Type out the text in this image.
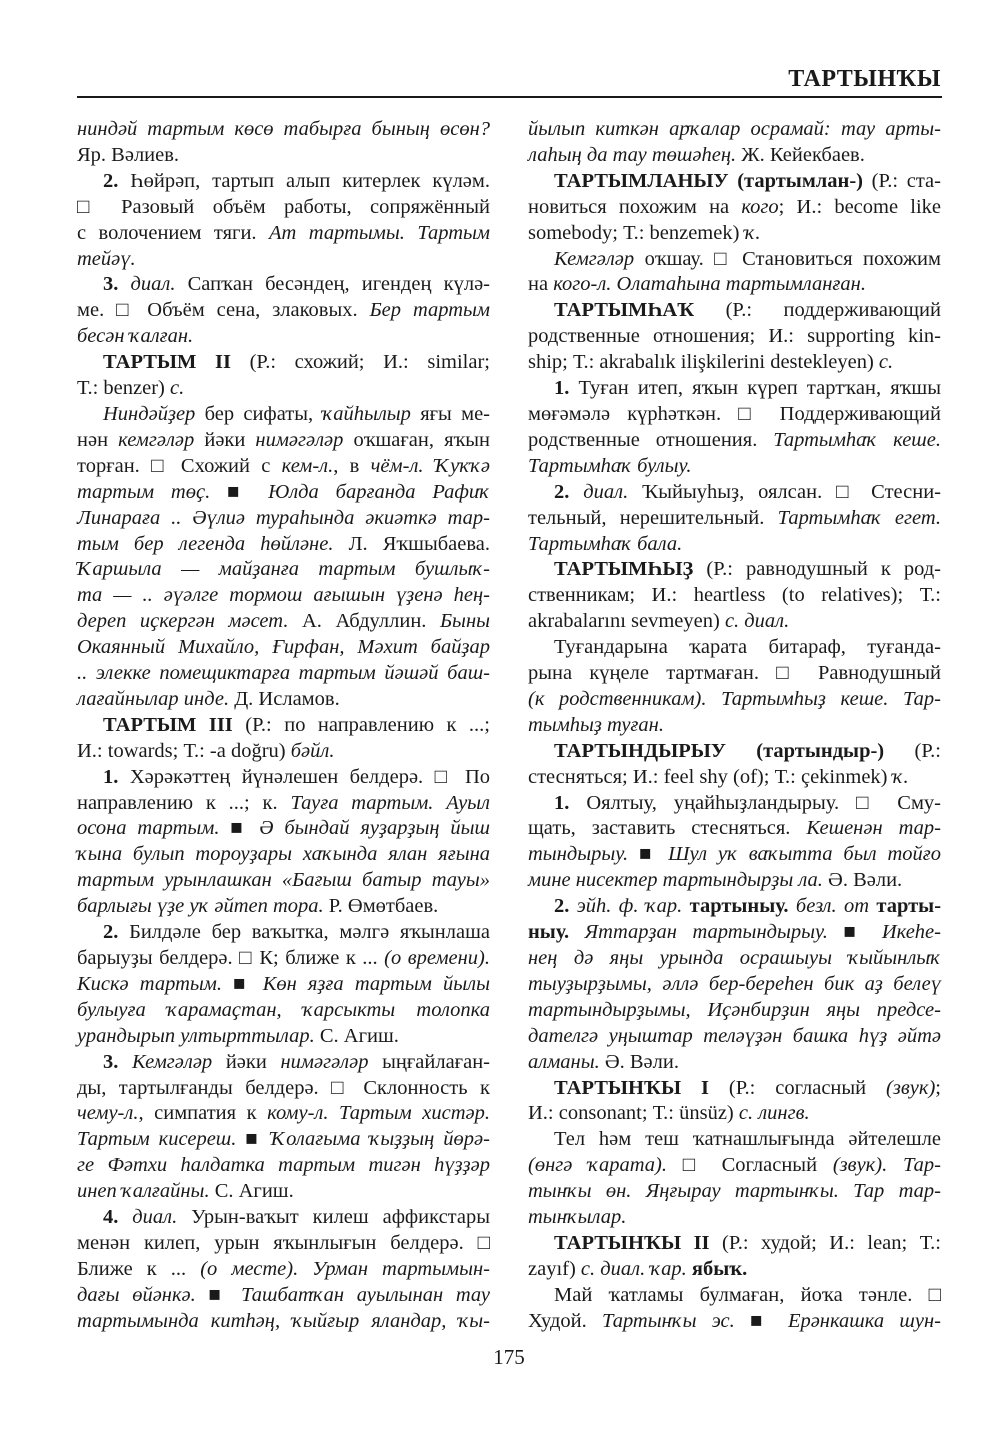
ТАРТЫНҠЫ
ниндәй тартым көсө табырға бының өсөн?
Яр. Вәлиев.
2. Һөйрәп, тартып алып китерлек күләм.
□ Разовый объём работы, сопряжённый
с волочением тяги. Ат тартымы. Тартым
тейәү.
3. диал. Сапҡан бесәндең, игендең күлә-
ме. □ Объём сена, злаковых. Бер тартым
бесән ҡалған.
ТАРТЫМ II (Р.: схожий; И.: similar;
Т.: benzer) с.
Ниндәйҙер бер сифаты, ҡайһылыр яғы ме-
нән кемгәләр йәки нимәгәләр оҡшаған, яҡын
торған. □ Схожий с кем-л., в чём-л. Ҡуҡҡә
тартым төҫ. ■ Юлда барғанда Рафиҡ
Линараға .. Әүлиә тураһында әкиәткә тар-
тым бер легенда һөйләне. Л. Яҡшыбаева.
Ҡаршыла — майҙанға тартым бушлыҡ-
та — .. әүәлге тормош ағышын үҙенә һең-
дереп иҫкергән мәсет. А. Абдуллин. Быны
Окаянный Михайло, Ғирфан, Мәхит байҙар
.. элекке помещиктарға тартым йәшәй баш-
лағайнылар инде. Д. Исламов.
ТАРТЫМ III (Р.: по направлению к ...;
И.: towards; Т.: -a doğru) бәйл.
1. Хәрәкәттең йүнәлешен белдерә. □ По
направлению к ...; к. Тауға тартым. Ауыл
осона тартым. ■ Ә бындай яуҙарҙың йыш
ҡына булып тороуҙары хаҡында ялан яғына
тартым урынлашкан «Бағыш батыр тауы»
барлығы үҙе уҡ әйтеп тора. Р. Өмөтбаев.
2. Билдәле бер ваҡытка, мәлгә яҡынлаша
барыуҙы белдерә. □ К; ближе к ... (о времени).
Кискә тартым. ■ Көн яҙға тартым йылы
булыуға ҡарамаҫтан, ҡарсыкты толопка
урандырып ултырттылар. С. Агиш.
3. Кемгәләр йәки нимәгәләр ыңғайлаған-
ды, тартылғанды белдерә. □ Склонность к
чему-л., симпатия к кому-л. Тартым хистәр.
Тартым кисереш. ■ Ҡолағыма ҡыҙҙың йөрә-
ге Фәтхи һалдатка тартым тигән һүҙҙәр
инеп ҡалғайны. С. Агиш.
4. диал. Урын-ваҡыт килеш аффикстары
менән килеп, урын яҡынлығын белдерә. □
Ближе к ... (о месте). Урман тартымын-
дағы өйәнкә. ■ Ташбатҡан ауылынан тау
тартымында китһәң, ҡыйғыр яландар, ҡы-
йылып киткән арҡалар осрамай: тау арты-
лаһың да тау төшәһең. Ж. Кейекбаев.
ТАРТЫМЛАНЫУ (тартымлан-) (Р.: ста-
новиться похожим на кого; И.: become like
somebody; Т.: benzemek) ҡ.
Кемгәләр оҡшау. □ Становиться похожим
на кого-л. Олатаһына тартымланған.
ТАРТЫМҺАҠ (Р.: поддерживающий
родственные отношения; И.: supporting kin-
ship; Т.: akrabalık ilişkilerini destekleyen) с.
1. Туған итеп, яҡын күреп тартҡан, яҡшы
мөғәмәлә күрһәткән. □ Поддерживающий
родственные отношения. Тартымһаҡ кеше.
Тартымһаҡ булыу.
2. диал. Ҡыйыуһыҙ, оялсан. □ Стесни-
тельный, нерешительный. Тартымһаҡ егет.
Тартымһаҡ бала.
ТАРТЫМҺЫҘ (Р.: равнодушный к род-
ственникам; И.: heartless (to relatives); Т.:
akrabalarını sevmeyen) с. диал.
Туғандарына ҡарата битараф, туғанда-
рына күңеле тартмаған. □ Равнодушный
(к родственникам). Тартымһыҙ кеше. Тар-
тымһыҙ туған.
ТАРТЫНДЫРЫУ (тартындыр-) (Р.:
стесняться; И.: feel shy (of); Т.: çekinmek) ҡ.
1. Оялтыу, уңайһыҙландырыу. □ Сму-
щать, заставить стесняться. Кешенән тар-
тындырыу. ■ Шул уҡ ваҡытта был тойғо
мине нисектер тартындырҙы ла. Ә. Вәли.
2. эйһ. ф. ҡар. тартыныу. безл. от тарты-
ныу. Яттарҙан тартындырыу. ■ Икеһе-
нең дә яңы урында осрашыуы ҡыйынлыҡ
тыуҙырҙымы, әллә бер-береһен бик аҙ белеү
тартындырҙымы, Иҫәнбирҙин яңы предсе-
дателгә уңыштар теләүҙән башка һүҙ әйтә
алманы. Ә. Вәли.
ТАРТЫНҠЫ I (Р.: согласный (звук);
И.: consonant; Т.: ünsüz) с. лингв.
Тел һәм теш ҡатнашлығында әйтелешле
(өнгә ҡарата). □ Согласный (звук). Тар-
тынҡы өн. Яңғырау тартынҡы. Тар тар-
тынҡылар.
ТАРТЫНҠЫ II (Р.: худой; И.: lean; Т.:
zayıf) с. диал. ҡар. ябыҡ.
Май ҡатламы булмаған, йоҡа тәнле. □
Худой. Тартынҡы эс. ■ Ерәнкашка шун-
175
